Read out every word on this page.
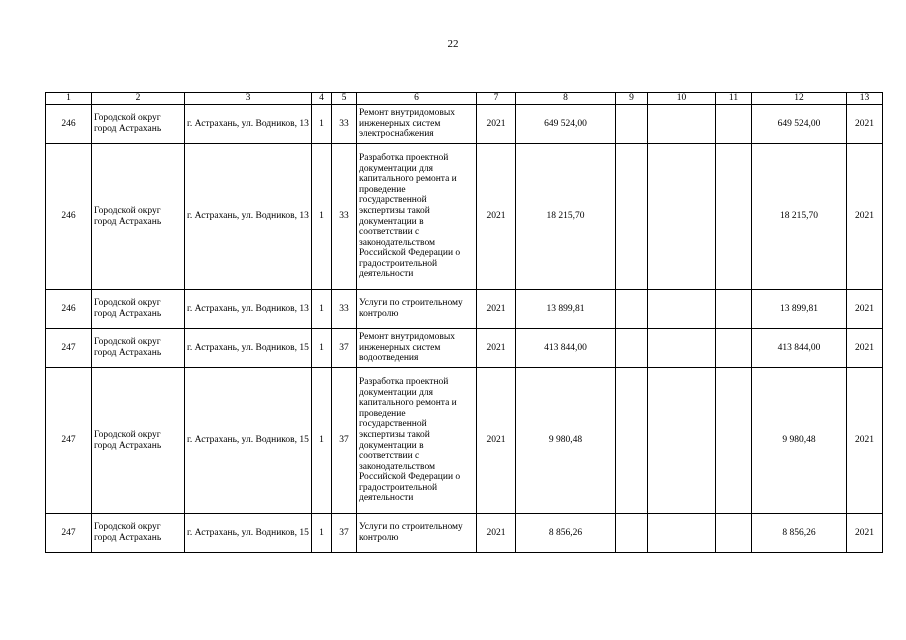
22
1	2	3	4	5	6	7	8	9	10	11	12	13
246	Городской округ город Астрахань	г. Астрахань, ул. Водников, 13	1	33	Ремонт внутридомовых инженерных систем электроснабжения	2021	649 524,00				649 524,00	2021
246	Городской округ город Астрахань	г. Астрахань, ул. Водников, 13	1	33	Разработка проектной документации для капитального ремонта и проведение государственной экспертизы такой документации в соответствии с законодательством Российской Федерации о градостроительной деятельности	2021	18 215,70				18 215,70	2021
246	Городской округ город Астрахань	г. Астрахань, ул. Водников, 13	1	33	Услуги по строительному контролю	2021	13 899,81				13 899,81	2021
247	Городской округ город Астрахань	г. Астрахань, ул. Водников, 15	1	37	Ремонт внутридомовых инженерных систем водоотведения	2021	413 844,00				413 844,00	2021
247	Городской округ город Астрахань	г. Астрахань, ул. Водников, 15	1	37	Разработка проектной документации для капитального ремонта и проведение государственной экспертизы такой документации в соответствии с законодательством Российской Федерации о градостроительной деятельности	2021	9 980,48				9 980,48	2021
247	Городской округ город Астрахань	г. Астрахань, ул. Водников, 15	1	37	Услуги по строительному контролю	2021	8 856,26				8 856,26	2021
